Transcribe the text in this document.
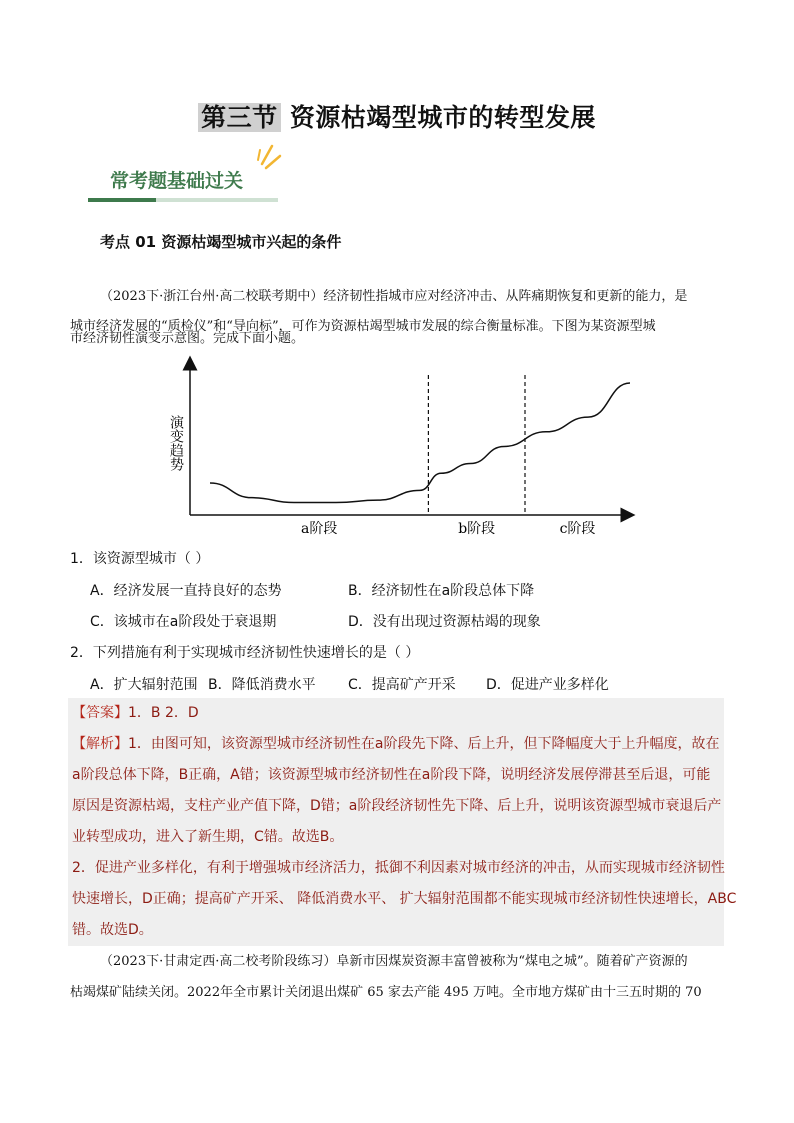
第三节 资源枯竭型城市的转型发展
常考题基础过关
考点 01 资源枯竭型城市兴起的条件
（2023下·浙江台州·高二校联考期中）经济韧性指城市应对经济冲击、从阵痛期恢复和更新的能力，是
城市经济发展的“质检仪”和“导向标”，可作为资源枯竭型城市发展的综合衡量标准。下图为某资源型城
市经济韧性演变示意图。完成下面小题。
演变趋势
a阶段	b阶段	c阶段
1．该资源型城市（ ）
A．经济发展一直持良好的态势	B．经济韧性在a阶段总体下降
C．该城市在a阶段处于衰退期	D．没有出现过资源枯竭的现象
2．下列措施有利于实现城市经济韧性快速增长的是（ ）
A．扩大辐射范围 B．降低消费水平 C．提高矿产开采 D．促进产业多样化
【答案】1．B 2．D
【解析】1．由图可知，该资源型城市经济韧性在a阶段先下降、后上升，但下降幅度大于上升幅度，故在
a阶段总体下降，B正确，A错；该资源型城市经济韧性在a阶段下降，说明经济发展停滞甚至后退，可能
原因是资源枯竭，支柱产业产值下降，D错；a阶段经济韧性先下降、后上升，说明该资源型城市衰退后产
业转型成功，进入了新生期，C错。故选B。
2．促进产业多样化，有利于增强城市经济活力，抵御不利因素对城市经济的冲击，从而实现城市经济韧性
快速增长，D正确；提高矿产开采、 降低消费水平、 扩大辐射范围都不能实现城市经济韧性快速增长，ABC
错。故选D。
（2023下·甘肃定西·高二校考阶段练习）阜新市因煤炭资源丰富曾被称为“煤电之城”。随着矿产资源的
枯竭煤矿陆续关闭。2022年全市累计关闭退出煤矿 65 家去产能 495 万吨。全市地方煤矿由十三五时期的 70
